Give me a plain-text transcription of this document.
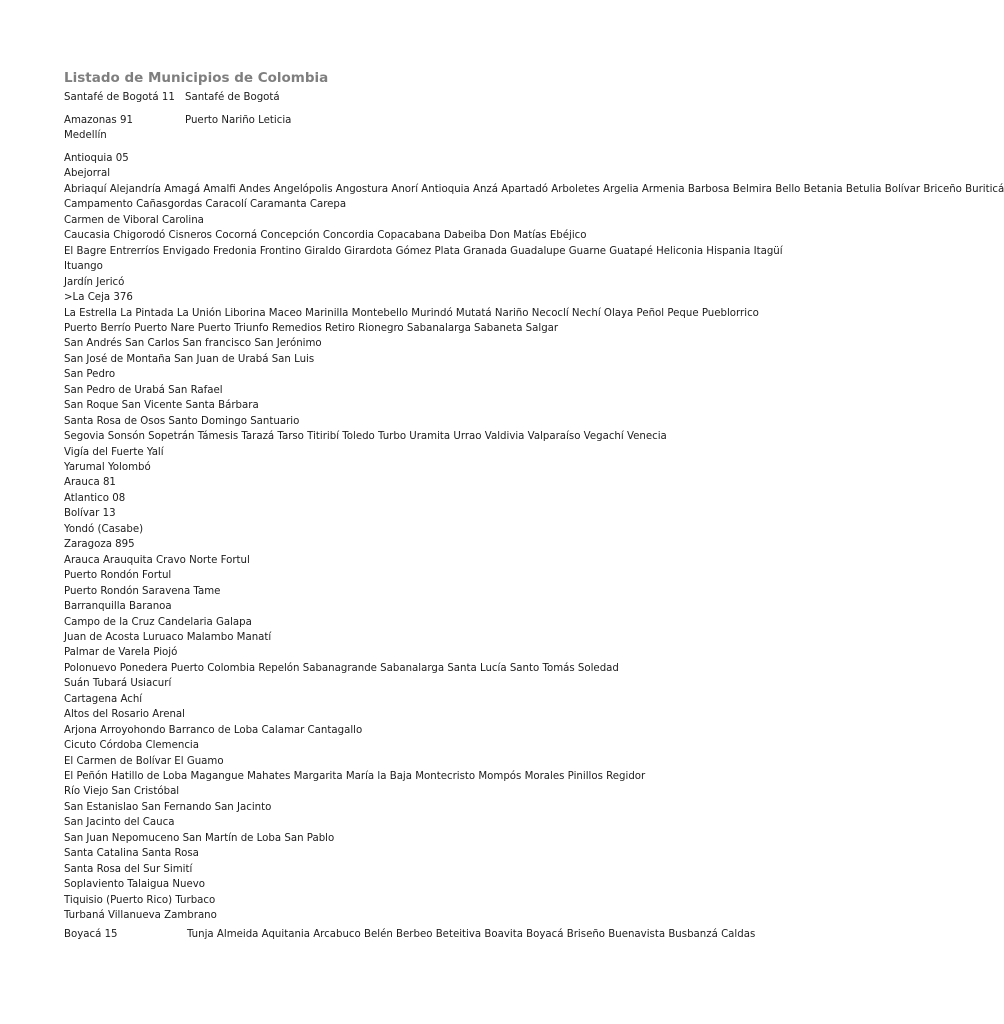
Listado de Municipios de Colombia
Santafé de Bogotá 11 Santafé de Bogotá
Amazonas 91	Puerto Nariño Leticia
Medellín
Antioquia 05
Abejorral
Abriaquí Alejandría Amagá Amalfi Andes Angelópolis Angostura Anorí Antioquia Anzá Apartadó Arboletes Argelia Armenia Barbosa Belmira Bello Betania Betulia Bolívar Briceño Buriticá
Campamento Cañasgordas Caracolí Caramanta Carepa
Carmen de Viboral Carolina
Caucasia Chigorodó Cisneros Cocorná Concepción Concordia Copacabana Dabeiba Don Matías Ebéjico
El Bagre Entrerríos Envigado Fredonia Frontino Giraldo Girardota Gómez Plata Granada Guadalupe Guarne Guatapé Heliconia Hispania Itagüí
Ituango
Jardín Jericó
>La Ceja 376
La Estrella La Pintada La Unión Liborina Maceo Marinilla Montebello Murindó Mutatá Nariño Necoclí Nechí Olaya Peñol Peque Pueblorrico
Puerto Berrío Puerto Nare Puerto Triunfo Remedios Retiro Rionegro Sabanalarga Sabaneta Salgar
San Andrés San Carlos San francisco San Jerónimo
San José de Montaña San Juan de Urabá San Luis
San Pedro
San Pedro de Urabá San Rafael
San Roque San Vicente Santa Bárbara
Santa Rosa de Osos Santo Domingo Santuario
Segovia Sonsón Sopetrán Támesis Tarazá Tarso Titiribí Toledo Turbo Uramita Urrao Valdivia Valparaíso Vegachí Venecia
Vigía del Fuerte Yalí
Yarumal Yolombó
Arauca 81
Atlantico 08
Bolívar 13
Yondó (Casabe)
Zaragoza 895
Arauca Arauquita Cravo Norte Fortul
Puerto Rondón Fortul
Puerto Rondón Saravena Tame
Barranquilla Baranoa
Campo de la Cruz Candelaria Galapa
Juan de Acosta Luruaco Malambo Manatí
Palmar de Varela Piojó
Polonuevo Ponedera Puerto Colombia Repelón Sabanagrande Sabanalarga Santa Lucía Santo Tomás Soledad
Suán Tubará Usiacurí
Cartagena Achí
Altos del Rosario Arenal
Arjona Arroyohondo Barranco de Loba Calamar Cantagallo
Cicuto Córdoba Clemencia
El Carmen de Bolívar El Guamo
El Peñón Hatillo de Loba Magangue Mahates Margarita María la Baja Montecristo Mompós Morales Pinillos Regidor
Río Viejo San Cristóbal
San Estanislao San Fernando San Jacinto
San Jacinto del Cauca
San Juan Nepomuceno San Martín de Loba San Pablo
Santa Catalina Santa Rosa
Santa Rosa del Sur Simití
Soplaviento Talaigua Nuevo
Tiquisio (Puerto Rico) Turbaco
Turbaná Villanueva Zambrano
Boyacá 15	Tunja Almeida Aquitania Arcabuco Belén Berbeo Beteitiva Boavita Boyacá Briseño Buenavista Busbanzá Caldas
